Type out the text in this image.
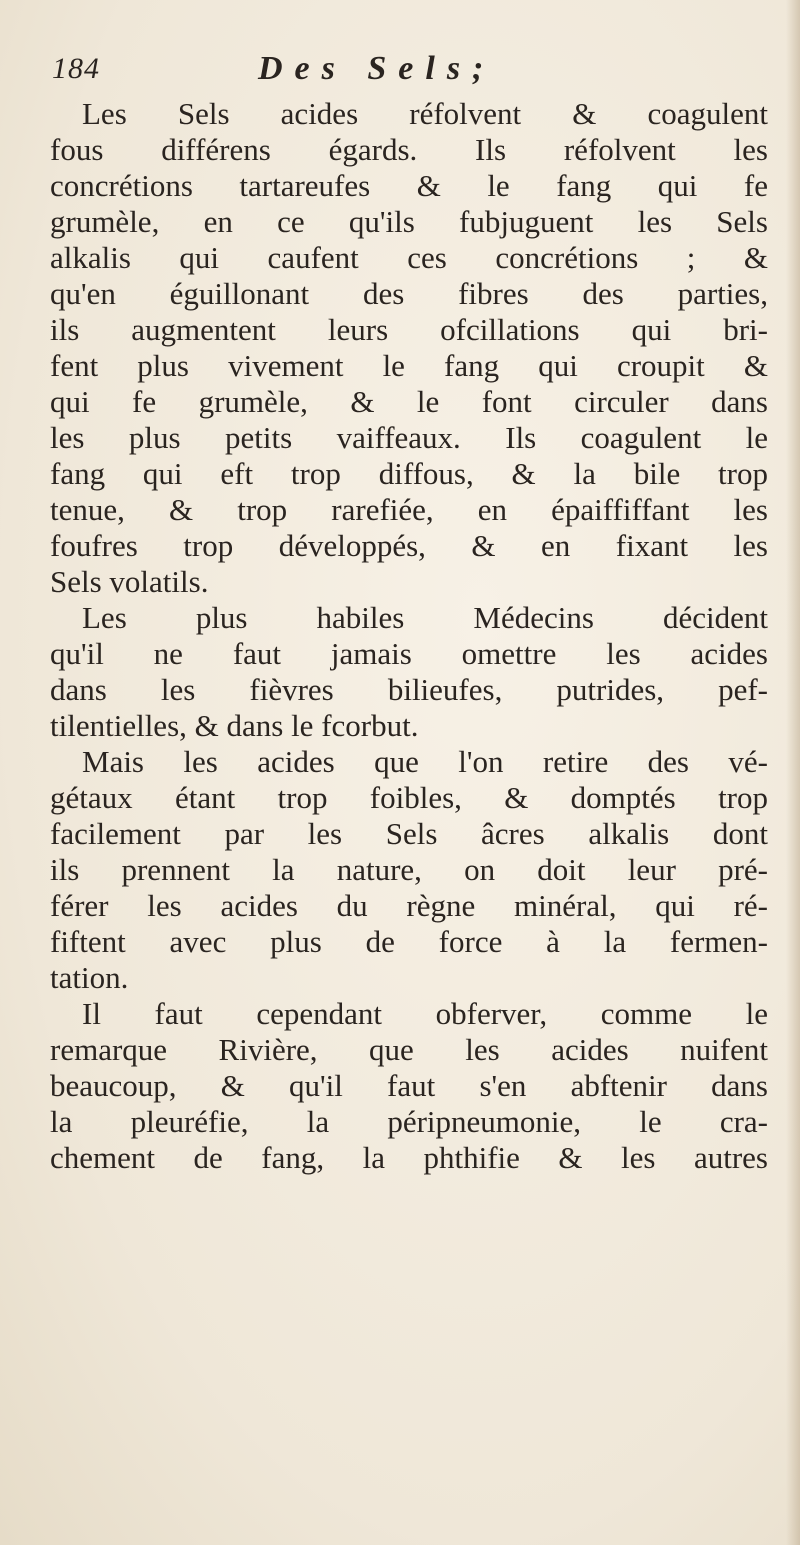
184	Des Sels;
Les Sels acides réfolvent & coagulent
fous différens égards. Ils réfolvent les
concrétions tartareufes & le fang qui fe
grumèle, en ce qu'ils fubjuguent les Sels
alkalis qui caufent ces concrétions ; &
qu'en éguillonant des fibres des parties,
ils augmentent leurs ofcillations qui bri-
fent plus vivement le fang qui croupit &
qui fe grumèle, & le font circuler dans
les plus petits vaiffeaux. Ils coagulent le
fang qui eft trop diffous, & la bile trop
tenue, & trop rarefiée, en épaiffiffant les
foufres trop développés, & en fixant les
Sels volatils.
Les plus habiles Médecins décident
qu'il ne faut jamais omettre les acides
dans les fièvres bilieufes, putrides, pef-
tilentielles, & dans le fcorbut.
Mais les acides que l'on retire des vé-
gétaux étant trop foibles, & domptés trop
facilement par les Sels âcres alkalis dont
ils prennent la nature, on doit leur pré-
férer les acides du règne minéral, qui ré-
fiftent avec plus de force à la fermen-
tation.
Il faut cependant obferver, comme le
remarque Rivière, que les acides nuifent
beaucoup, & qu'il faut s'en abftenir dans
la pleuréfie, la péripneumonie, le cra-
chement de fang, la phthifie & les autres
